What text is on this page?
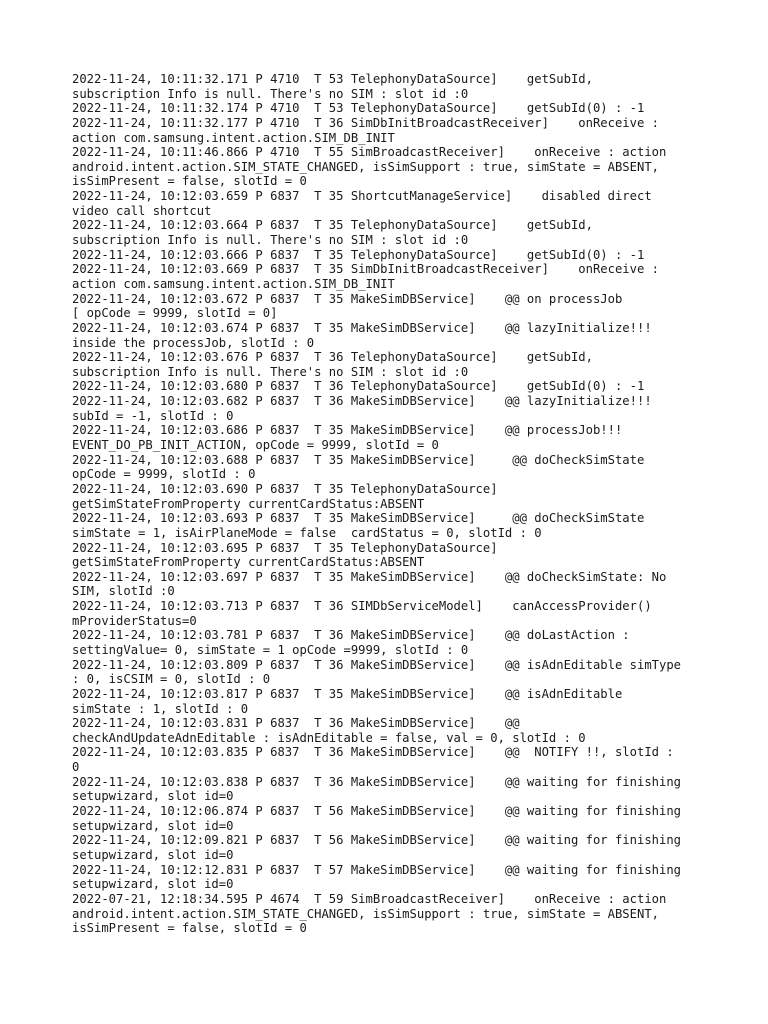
2022-11-24, 10:11:32.171 P 4710  T 53 TelephonyDataSource]    getSubId,
subscription Info is null. There's no SIM : slot id :0
2022-11-24, 10:11:32.174 P 4710  T 53 TelephonyDataSource]    getSubId(0) : -1
2022-11-24, 10:11:32.177 P 4710  T 36 SimDbInitBroadcastReceiver]    onReceive :
action com.samsung.intent.action.SIM_DB_INIT
2022-11-24, 10:11:46.866 P 4710  T 55 SimBroadcastReceiver]    onReceive : action
android.intent.action.SIM_STATE_CHANGED, isSimSupport : true, simState = ABSENT,
isSimPresent = false, slotId = 0
2022-11-24, 10:12:03.659 P 6837  T 35 ShortcutManageService]    disabled direct
video call shortcut
2022-11-24, 10:12:03.664 P 6837  T 35 TelephonyDataSource]    getSubId,
subscription Info is null. There's no SIM : slot id :0
2022-11-24, 10:12:03.666 P 6837  T 35 TelephonyDataSource]    getSubId(0) : -1
2022-11-24, 10:12:03.669 P 6837  T 35 SimDbInitBroadcastReceiver]    onReceive :
action com.samsung.intent.action.SIM_DB_INIT
2022-11-24, 10:12:03.672 P 6837  T 35 MakeSimDBService]    @@ on processJob
[ opCode = 9999, slotId = 0]
2022-11-24, 10:12:03.674 P 6837  T 35 MakeSimDBService]    @@ lazyInitialize!!!
inside the processJob, slotId : 0
2022-11-24, 10:12:03.676 P 6837  T 36 TelephonyDataSource]    getSubId,
subscription Info is null. There's no SIM : slot id :0
2022-11-24, 10:12:03.680 P 6837  T 36 TelephonyDataSource]    getSubId(0) : -1
2022-11-24, 10:12:03.682 P 6837  T 36 MakeSimDBService]    @@ lazyInitialize!!!
subId = -1, slotId : 0
2022-11-24, 10:12:03.686 P 6837  T 35 MakeSimDBService]    @@ processJob!!!
EVENT_DO_PB_INIT_ACTION, opCode = 9999, slotId = 0
2022-11-24, 10:12:03.688 P 6837  T 35 MakeSimDBService]     @@ doCheckSimState
opCode = 9999, slotId : 0
2022-11-24, 10:12:03.690 P 6837  T 35 TelephonyDataSource]
getSimStateFromProperty currentCardStatus:ABSENT
2022-11-24, 10:12:03.693 P 6837  T 35 MakeSimDBService]     @@ doCheckSimState
simState = 1, isAirPlaneMode = false  cardStatus = 0, slotId : 0
2022-11-24, 10:12:03.695 P 6837  T 35 TelephonyDataSource]
getSimStateFromProperty currentCardStatus:ABSENT
2022-11-24, 10:12:03.697 P 6837  T 35 MakeSimDBService]    @@ doCheckSimState: No
SIM, slotId :0
2022-11-24, 10:12:03.713 P 6837  T 36 SIMDbServiceModel]    canAccessProvider()
mProviderStatus=0
2022-11-24, 10:12:03.781 P 6837  T 36 MakeSimDBService]    @@ doLastAction :
settingValue= 0, simState = 1 opCode =9999, slotId : 0
2022-11-24, 10:12:03.809 P 6837  T 36 MakeSimDBService]    @@ isAdnEditable simType
: 0, isCSIM = 0, slotId : 0
2022-11-24, 10:12:03.817 P 6837  T 35 MakeSimDBService]    @@ isAdnEditable
simState : 1, slotId : 0
2022-11-24, 10:12:03.831 P 6837  T 36 MakeSimDBService]    @@
checkAndUpdateAdnEditable : isAdnEditable = false, val = 0, slotId : 0
2022-11-24, 10:12:03.835 P 6837  T 36 MakeSimDBService]    @@  NOTIFY !!, slotId :
0
2022-11-24, 10:12:03.838 P 6837  T 36 MakeSimDBService]    @@ waiting for finishing
setupwizard, slot id=0
2022-11-24, 10:12:06.874 P 6837  T 56 MakeSimDBService]    @@ waiting for finishing
setupwizard, slot id=0
2022-11-24, 10:12:09.821 P 6837  T 56 MakeSimDBService]    @@ waiting for finishing
setupwizard, slot id=0
2022-11-24, 10:12:12.831 P 6837  T 57 MakeSimDBService]    @@ waiting for finishing
setupwizard, slot id=0
2022-07-21, 12:18:34.595 P 4674  T 59 SimBroadcastReceiver]    onReceive : action
android.intent.action.SIM_STATE_CHANGED, isSimSupport : true, simState = ABSENT,
isSimPresent = false, slotId = 0
